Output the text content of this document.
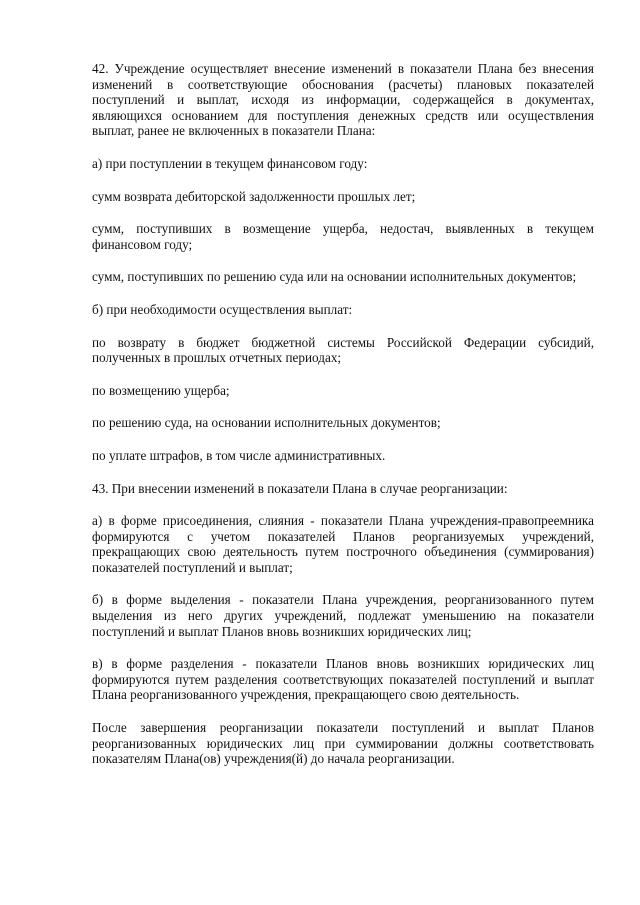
42. Учреждение осуществляет внесение изменений в показатели Плана без внесения изменений в соответствующие обоснования (расчеты) плановых показателей поступлений и выплат, исходя из информации, содержащейся в документах, являющихся основанием для поступления денежных средств или осуществления выплат, ранее не включенных в показатели Плана:

а) при поступлении в текущем финансовом году:

сумм возврата дебиторской задолженности прошлых лет;

сумм, поступивших в возмещение ущерба, недостач, выявленных в текущем финансовом году;

сумм, поступивших по решению суда или на основании исполнительных документов;

б) при необходимости осуществления выплат:

по возврату в бюджет бюджетной системы Российской Федерации субсидий, полученных в прошлых отчетных периодах;

по возмещению ущерба;

по решению суда, на основании исполнительных документов;

по уплате штрафов, в том числе административных.

43. При внесении изменений в показатели Плана в случае реорганизации:

а) в форме присоединения, слияния - показатели Плана учреждения-правопреемника формируются с учетом показателей Планов реорганизуемых учреждений, прекращающих свою деятельность путем построчного объединения (суммирования) показателей поступлений и выплат;

б) в форме выделения - показатели Плана учреждения, реорганизованного путем выделения из него других учреждений, подлежат уменьшению на показатели поступлений и выплат Планов вновь возникших юридических лиц;

в) в форме разделения - показатели Планов вновь возникших юридических лиц формируются путем разделения соответствующих показателей поступлений и выплат Плана реорганизованного учреждения, прекращающего свою деятельность.

После завершения реорганизации показатели поступлений и выплат Планов реорганизованных юридических лиц при суммировании должны соответствовать показателям Плана(ов) учреждения(й) до начала реорганизации.
